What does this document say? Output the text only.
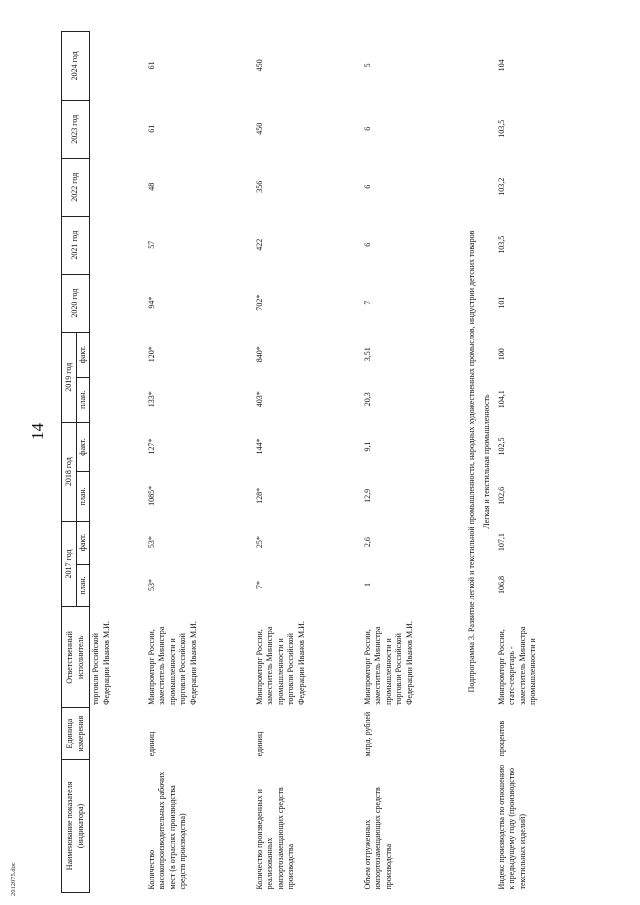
14
2012075.doc
Наименование показателя (индикатора)	Единица измерения	Ответственный исполнитель	2017 год		2018 год		2019 год		2020 год	2021 год	2022 год	2023 год	2024 год
			план.	факт.	план.	факт.	план.	факт.					
		торговли Российской Федерации Иванов М.И.											
Количество высокопроизводительных рабочих мест (в отраслях производства средств производства)	единиц	Минпромторг России, заместитель Министра промышленности и торговли Российской Федерации Иванов М.И.	53*	53*	1085*	127*	133*	120*	94*	57	48	61	61
Количество произведенных и реализованных импортозамещающих средств производства	единиц	Минпромторг России, заместитель Министра промышленности и торговли Российской Федерации Иванов М.И.	7*	25*	128*	144*	403*	840*	702*	422	356	450	450
Объем отгруженных импортозамещающих средств производства	млрд. рублей	Минпромторг России, заместитель Министра промышленности и торговли Российской Федерации Иванов М.И.	1	2,6	12,9	9,1	20,3	3,51	7	6	6	6	5
Подпрограмма 3. Развитие легкой и текстильной промышленности, народных художественных промыслов, индустрии детских товаров													
Легкая и текстильная промышленность													
Индекс производства по отношению к предыдущему году (производство текстильных изделий)	процентов	Минпромторг России, статс-секретарь - заместитель Министра промышленности и	106,8	107,1	102,6	102,5	104,1	100	101	103,5	103,2	103,5	104
